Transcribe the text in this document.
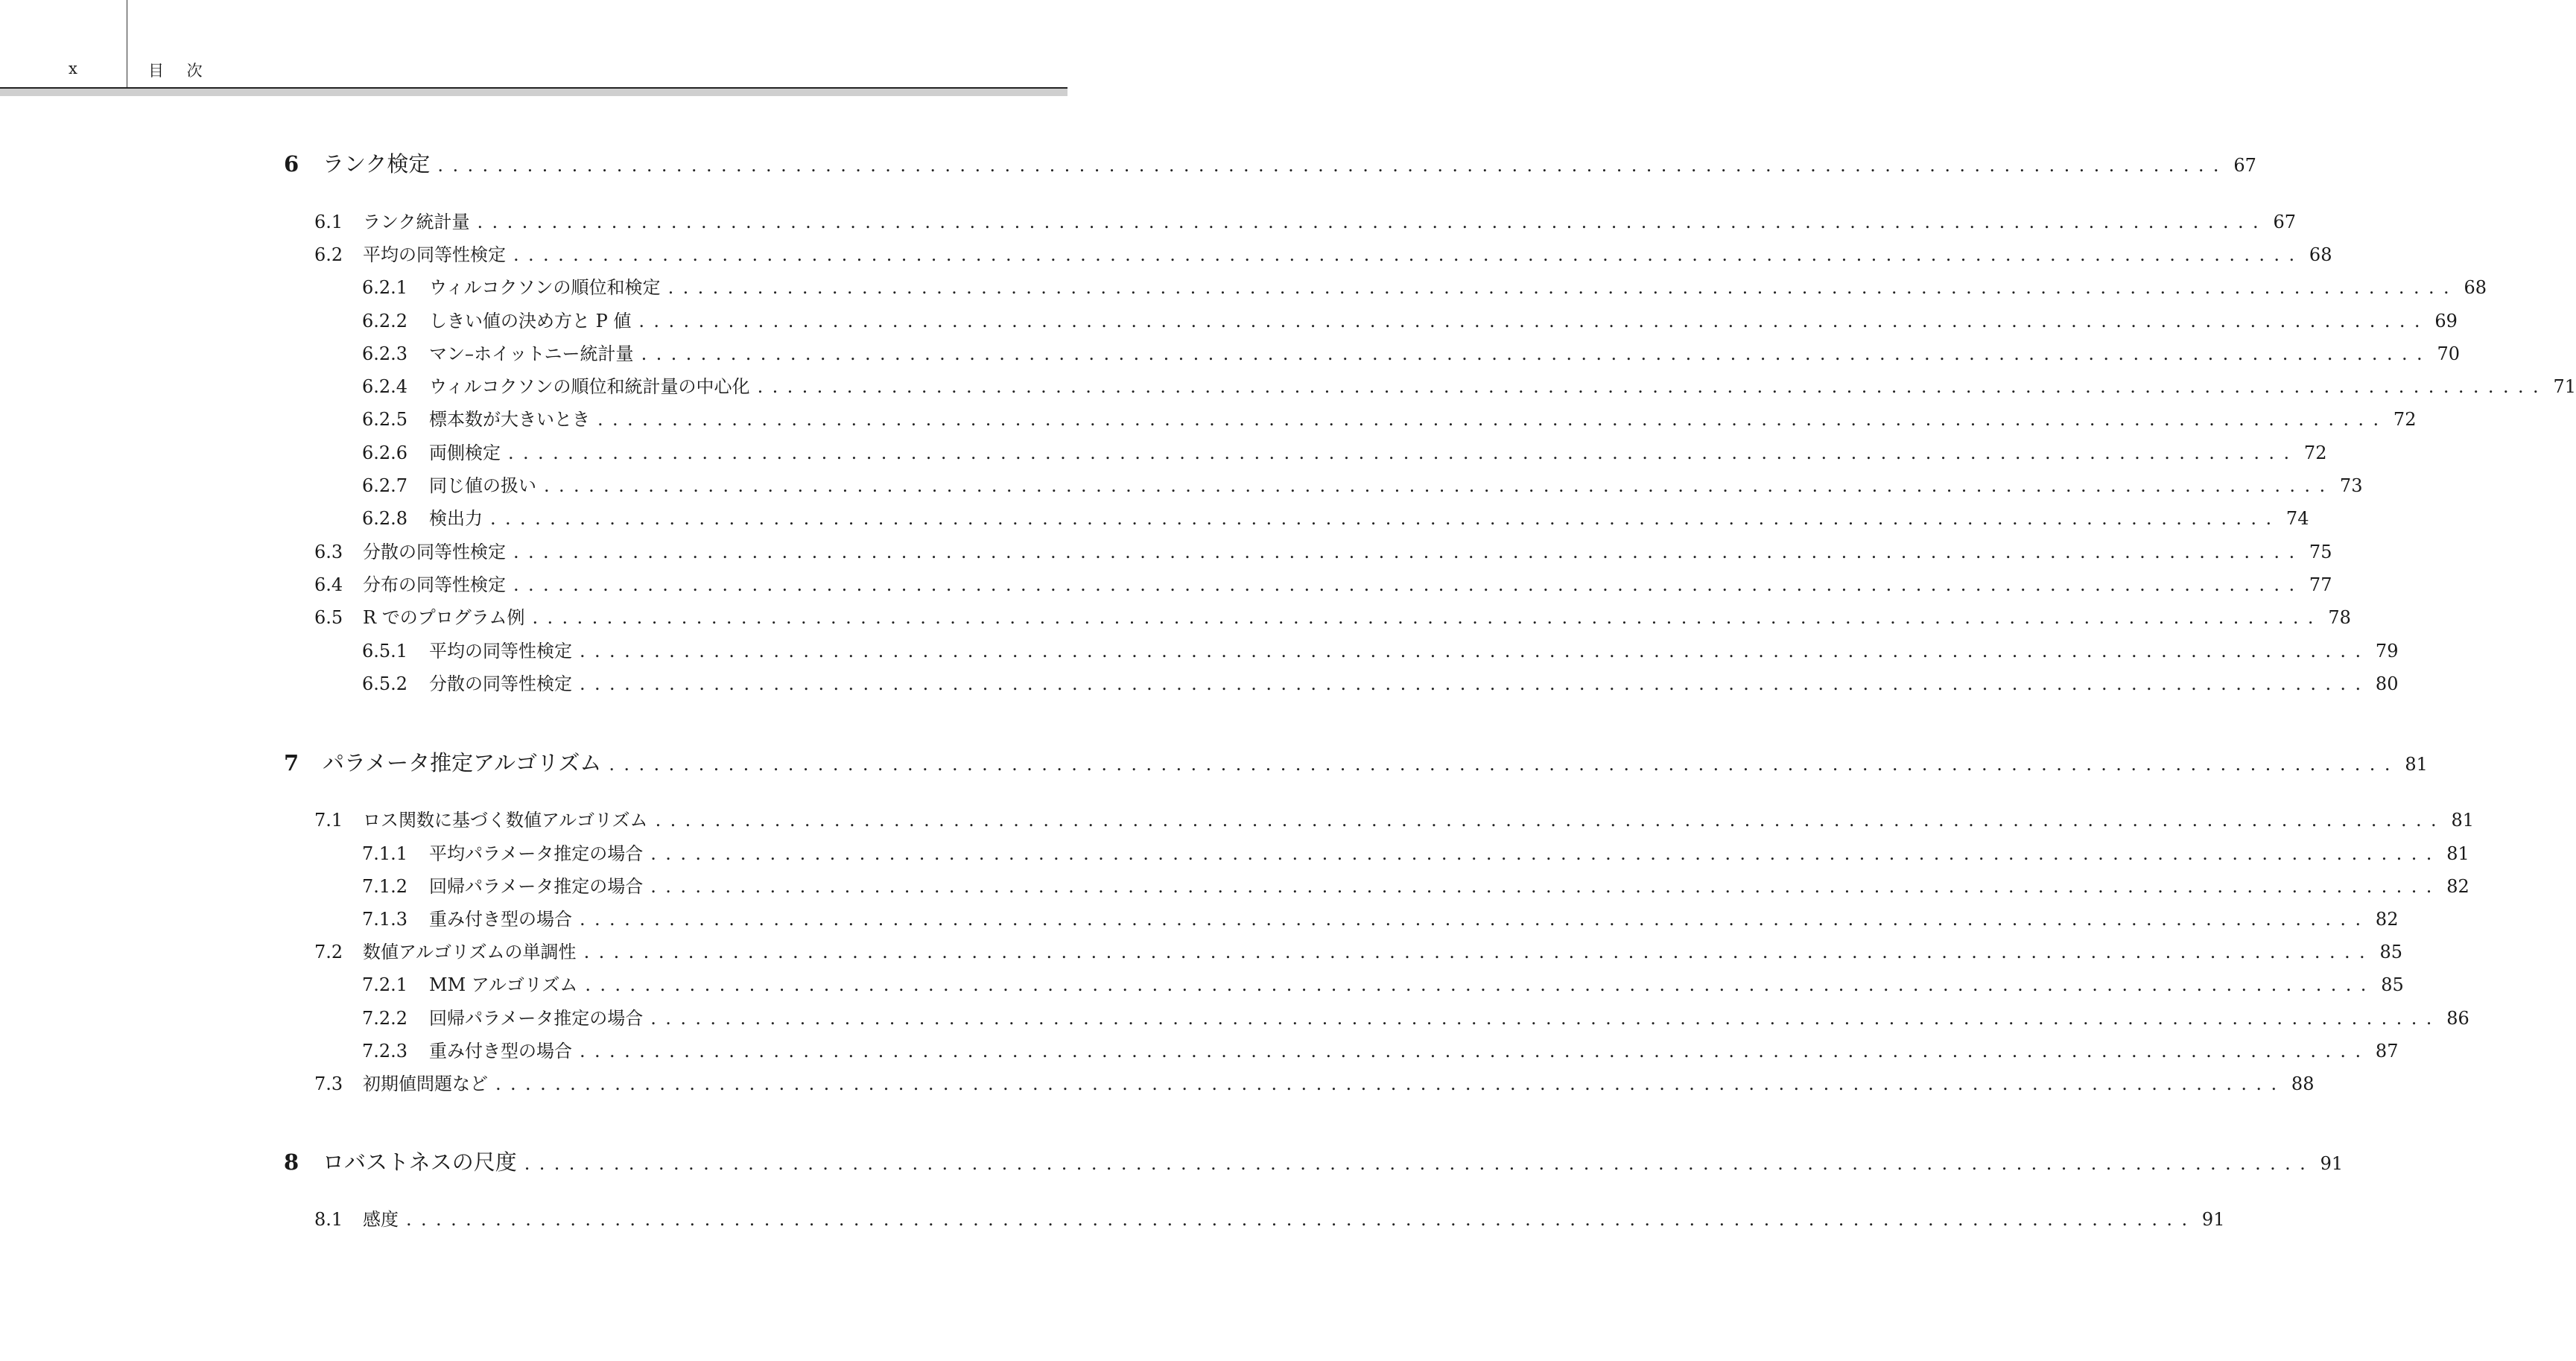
x	目 次
6	ランク検定 ........................................................................................................................ 67
6.1	ランク統計量 ........................................................................................................................ 67
6.2	平均の同等性検定 ........................................................................................................................ 68
6.2.1	ウィルコクソンの順位和検定 ........................................................................................................................ 68
6.2.2	しきい値の決め方と P 値 ........................................................................................................................ 69
6.2.3	マン–ホイットニー統計量 ........................................................................................................................ 70
6.2.4	ウィルコクソンの順位和統計量の中心化 ........................................................................................................................ 71
6.2.5	標本数が大きいとき ........................................................................................................................ 72
6.2.6	両側検定 ........................................................................................................................ 72
6.2.7	同じ値の扱い ........................................................................................................................ 73
6.2.8	検出力 ........................................................................................................................ 74
6.3	分散の同等性検定 ........................................................................................................................ 75
6.4	分布の同等性検定 ........................................................................................................................ 77
6.5	R でのプログラム例 ........................................................................................................................ 78
6.5.1	平均の同等性検定 ........................................................................................................................ 79
6.5.2	分散の同等性検定 ........................................................................................................................ 80
7	パラメータ推定アルゴリズム ........................................................................................................................ 81
7.1	ロス関数に基づく数値アルゴリズム ........................................................................................................................ 81
7.1.1	平均パラメータ推定の場合 ........................................................................................................................ 81
7.1.2	回帰パラメータ推定の場合 ........................................................................................................................ 82
7.1.3	重み付き型の場合 ........................................................................................................................ 82
7.2	数値アルゴリズムの単調性 ........................................................................................................................ 85
7.2.1	MM アルゴリズム ........................................................................................................................ 85
7.2.2	回帰パラメータ推定の場合 ........................................................................................................................ 86
7.2.3	重み付き型の場合 ........................................................................................................................ 87
7.3	初期値問題など ........................................................................................................................ 88
8	ロバストネスの尺度 ........................................................................................................................ 91
8.1	感度 ........................................................................................................................ 91
